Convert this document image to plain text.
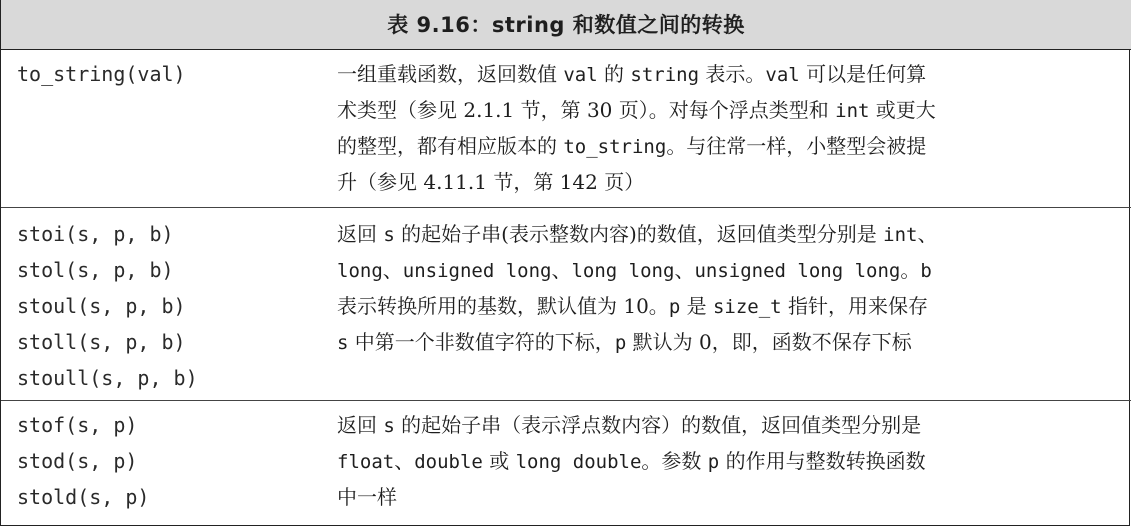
表 9.16：string 和数值之间的转换
to_string(val)	一组重载函数，返回数值 val 的 string 表示。val 可以是任何算
术类型（参见 2.1.1 节，第 30 页）。对每个浮点类型和 int 或更大
的整型，都有相应版本的 to_string。与往常一样，小整型会被提
升（参见 4.11.1 节，第 142 页）
stoi(s, p, b)
stol(s, p, b)
stoul(s, p, b)
stoll(s, p, b)
stoull(s, p, b)
返回 s 的起始子串(表示整数内容)的数值，返回值类型分别是 int、
long、unsigned long、long long、unsigned long long。b
表示转换所用的基数，默认值为 10。p 是 size_t 指针，用来保存
s 中第一个非数值字符的下标，p 默认为 0，即，函数不保存下标
stof(s, p)
stod(s, p)
stold(s, p)
返回 s 的起始子串（表示浮点数内容）的数值，返回值类型分别是
float、double 或 long double。参数 p 的作用与整数转换函数
中一样
